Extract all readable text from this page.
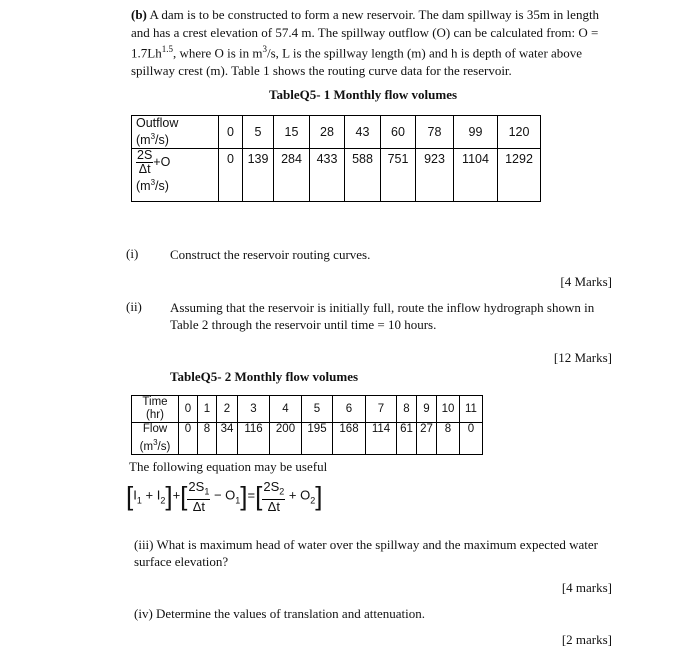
(b) A dam is to be constructed to form a new reservoir. The dam spillway is 35m in length and has a crest elevation of 57.4 m. The spillway outflow (O) can be calculated from: $O = 1.7Lh^{1.5}$, where O is in $m^3/s$, L is the spillway length (m) and h is depth of water above spillway crest (m). Table 1 shows the routing curve data for the reservoir.
TableQ5- 1 Monthly flow volumes
Outflow
$(m^3/s)$	0	5	15	28	43	60	78	99	120

$\frac{2S}{\Delta t} +O$
$(m^3/s)$	0	139	284	433	588	751	923	1104	1292
(i) Construct the reservoir routing curves.
[4 Marks]
(ii) Assuming that the reservoir is initially full, route the inflow hydrograph shown in Table 2 through the reservoir until time = 10 hours.
[12 Marks]
TableQ5- 2 Monthly flow volumes
Time (hr)	0	1	2	3	4	5	6	7	8	9	10	11
Flow
$(m^3/s)$	0	8	34	116	200	195	168	114	61	27	8	0
The following equation may be useful
$[I_1 + I_2]+[ \frac{2S_1}{\Delta t} - O_1]=[ \frac{2S_2}{\Delta t} + O_2]$
(iii) What is maximum head of water over the spillway and the maximum expected water surface elevation?
[4 marks]
(iv) Determine the values of translation and attenuation.
[2 marks]
